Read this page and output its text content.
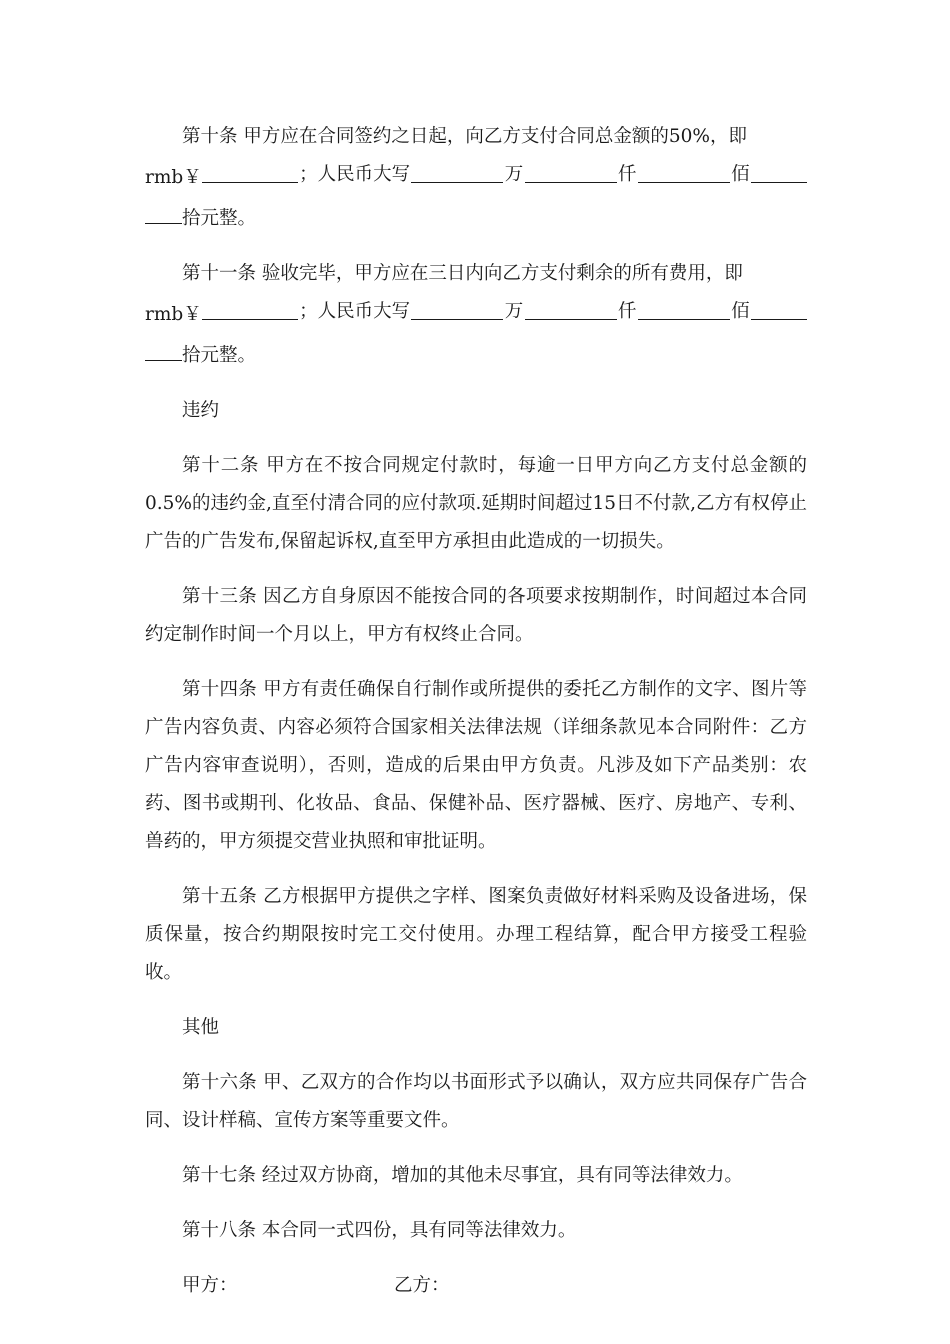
第十条 甲方应在合同签约之日起，向乙方支付合同总金额的50%，即
rmb￥	；人民币大写	万	仟	佰
拾元整。
第十一条 验收完毕，甲方应在三日内向乙方支付剩余的所有费用，即
rmb￥	；人民币大写	万	仟	佰
拾元整。
违约
第十二条 甲方在不按合同规定付款时，每逾一日甲方向乙方支付总金额的0.5%的违约金,直至付清合同的应付款项.延期时间超过15日不付款,乙方有权停止广告的广告发布,保留起诉权,直至甲方承担由此造成的一切损失。
第十三条 因乙方自身原因不能按合同的各项要求按期制作，时间超过本合同约定制作时间一个月以上，甲方有权终止合同。
第十四条 甲方有责任确保自行制作或所提供的委托乙方制作的文字、图片等广告内容负责、内容必须符合国家相关法律法规（详细条款见本合同附件：乙方广告内容审查说明），否则，造成的后果由甲方负责。凡涉及如下产品类别：农药、图书或期刊、化妆品、食品、保健补品、医疗器械、医疗、房地产、专利、兽药的，甲方须提交营业执照和审批证明。
第十五条 乙方根据甲方提供之字样、图案负责做好材料采购及设备进场，保质保量，按合约期限按时完工交付使用。办理工程结算，配合甲方接受工程验收。
其他
第十六条 甲、乙双方的合作均以书面形式予以确认，双方应共同保存广告合同、设计样稿、宣传方案等重要文件。
第十七条 经过双方协商，增加的其他未尽事宜，具有同等法律效力。
第十八条 本合同一式四份，具有同等法律效力。
甲方：	乙方：
